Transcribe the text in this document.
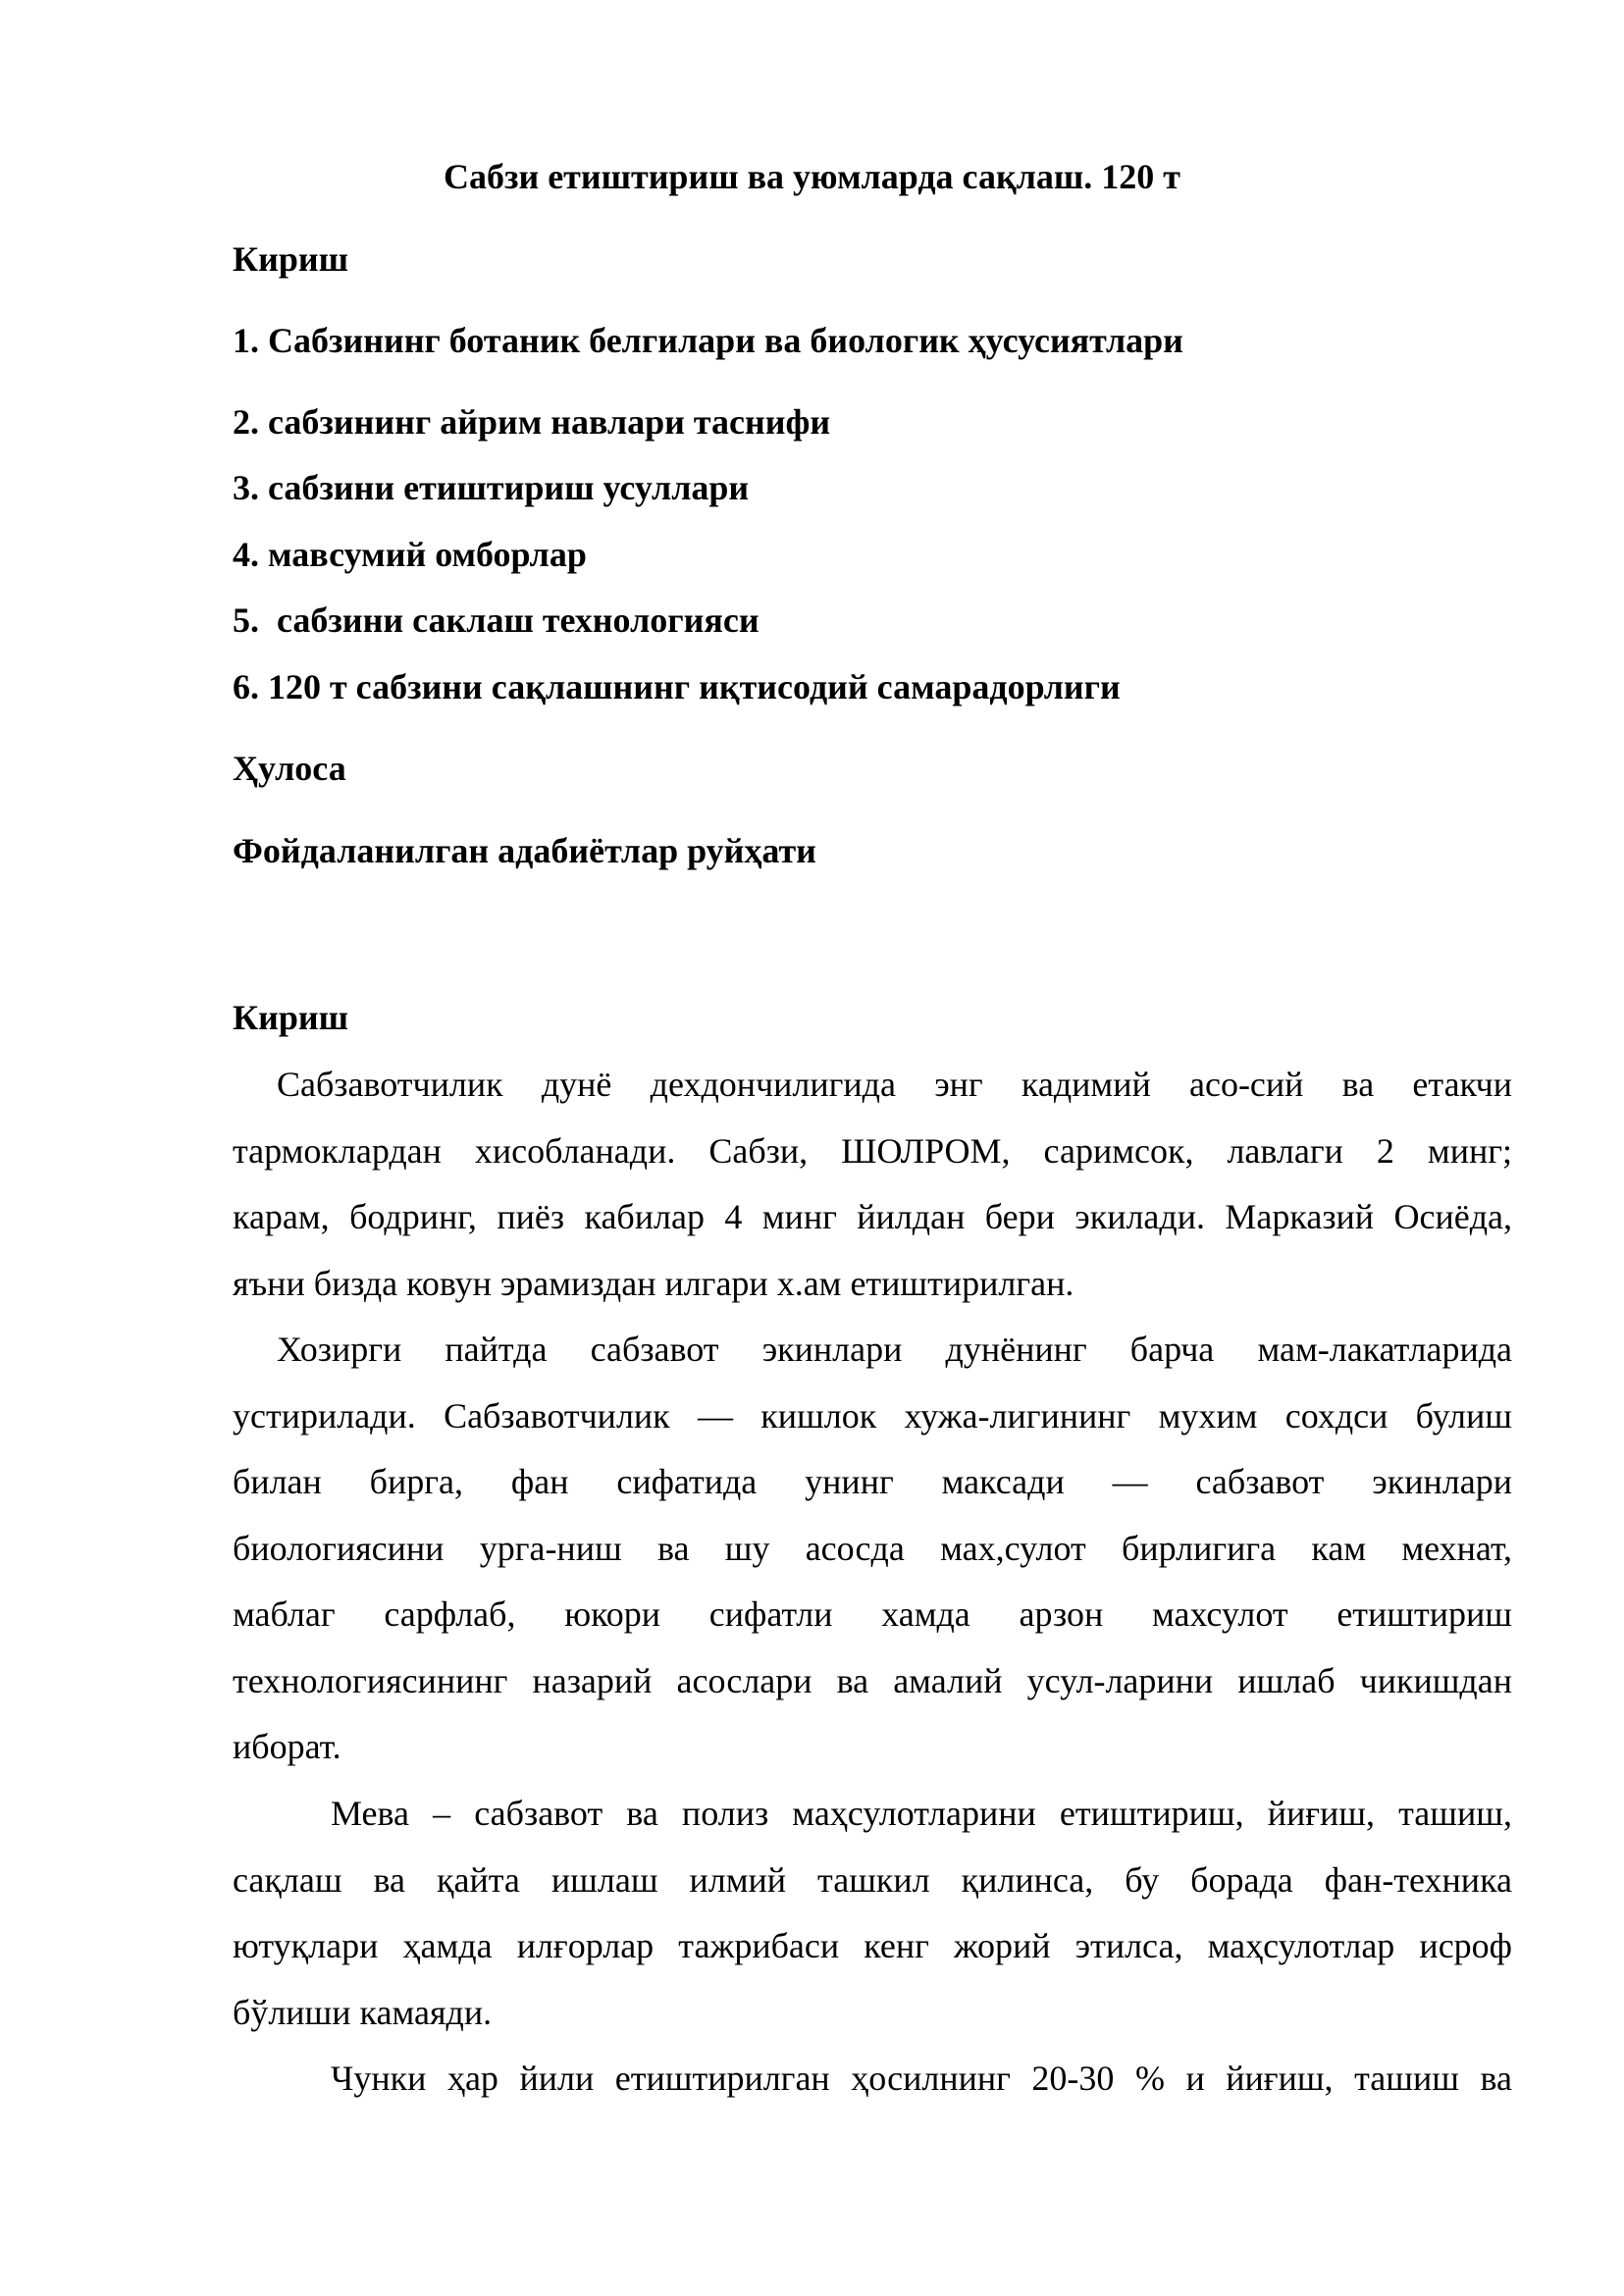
Сабзи етиштириш ва уюмларда сақлаш. 120 т
Кириш
1. Сабзининг ботаник белгилари ва биологик ҳусусиятлари
2. сабзининг айрим навлари таснифи
3. сабзини етиштириш усуллари
4. мавсумий омборлар
5.  сабзини саклаш технологияси
6. 120 т сабзини сақлашнинг иқтисодий самарадорлиги
Ҳулоса
Фойдаланилган адабиётлар руйҳати
Кириш
Сабзавотчилик дунё дехдончилигида энг кадимий асо-сий ва етакчи
тармоклардан хисобланади. Сабзи, ШОЛРОМ, саримсок, лавлаги 2 минг;
карам, бодринг, пиёз кабилар 4 минг йилдан бери экилади. Марказий Осиёда,
яъни бизда ковун эрамиздан илгари х.ам етиштирилган.
Хозирги пайтда сабзавот экинлари дунёнинг барча мам-лакатларида
устирилади. Сабзавотчилик — кишлок хужа-лигининг мухим сохдси булиш
билан бирга, фан сифатида унинг максади — сабзавот экинлари
биологиясини урга-ниш ва шу асосда мах,сулот бирлигига кам мехнат,
маблаг сарфлаб, юкори сифатли хамда арзон махсулот етиштириш
технологиясининг назарий асослари ва амалий усул-ларини ишлаб чикишдан
иборат.
Мева – сабзавот ва полиз маҳсулотларини етиштириш, йиғиш, ташиш,
сақлаш ва қайта ишлаш илмий ташкил қилинса, бу борада фан-техника
ютуқлари ҳамда илғорлар тажрибаси кенг жорий этилса, маҳсулотлар исроф
бўлиши камаяди.
Чунки ҳар йили етиштирилган ҳосилнинг 20-30 % и йиғиш, ташиш ва
